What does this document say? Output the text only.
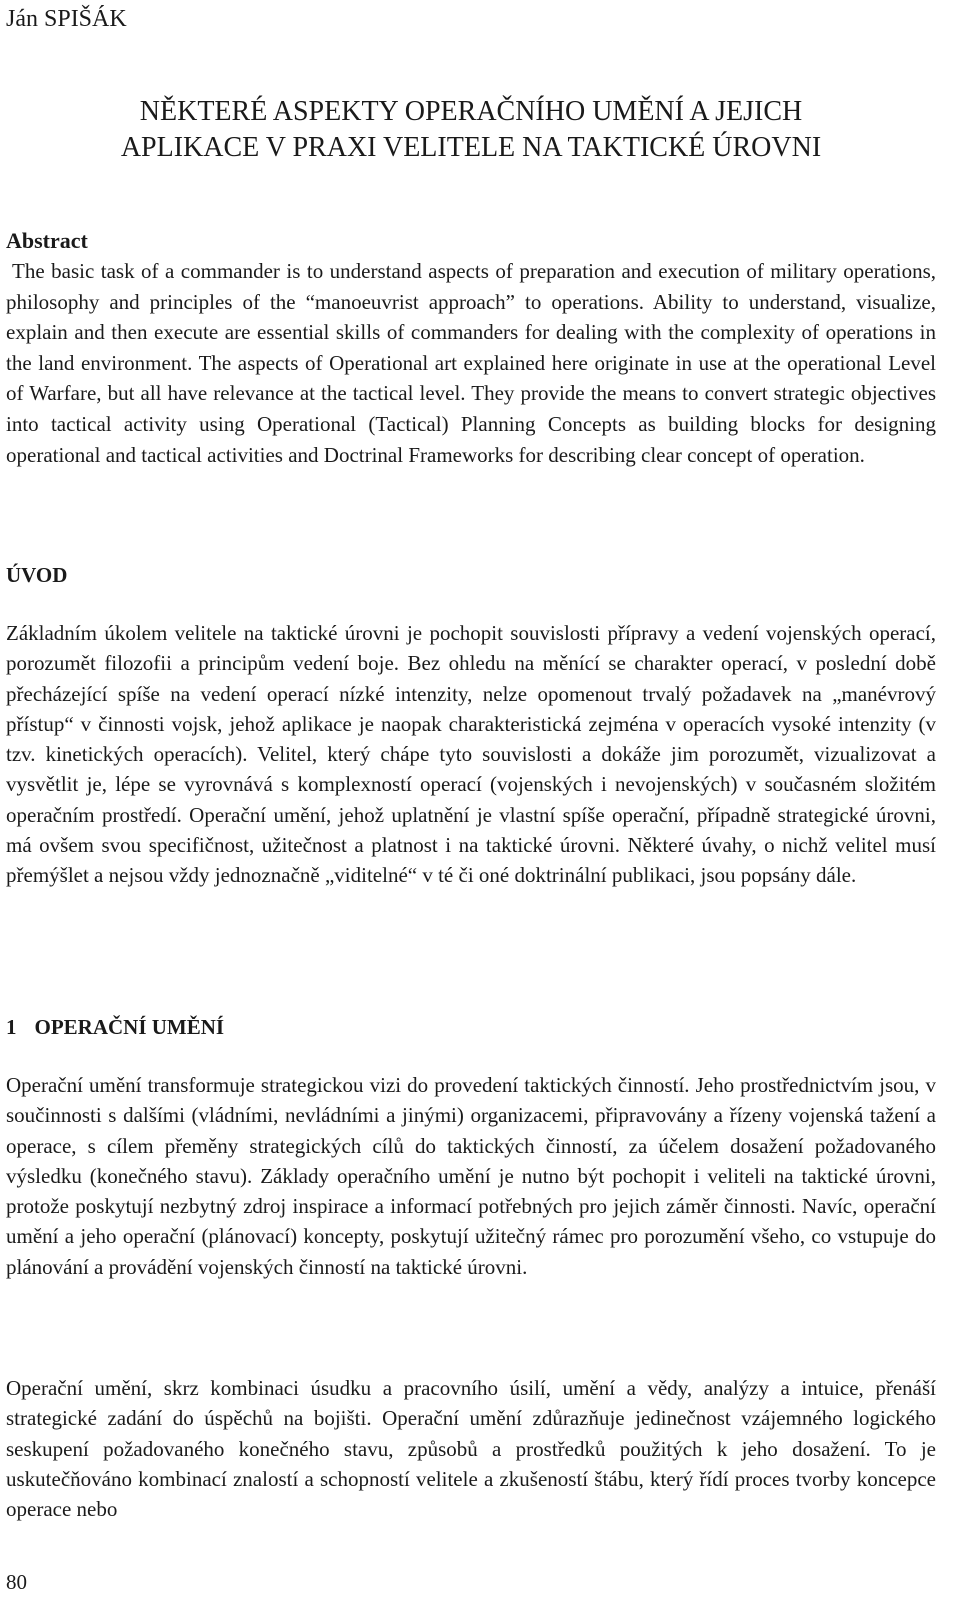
Ján SPIŠÁK
NĚKTERÉ ASPEKTY OPERAČNÍHO UMĚNÍ A JEJICH
APLIKACE V PRAXI VELITELE NA TAKTICKÉ ÚROVNI
Abstract

The basic task of a commander is to understand aspects of preparation and execution of military operations, philosophy and principles of the “manoeuvrist approach” to operations. Ability to understand, visualize, explain and then execute are essential skills of commanders for dealing with the complexity of operations in the land environment. The aspects of Operational art explained here originate in use at the operational Level of Warfare, but all have relevance at the tactical level. They provide the means to convert strategic objectives into tactical activity using Operational (Tactical) Planning Concepts as building blocks for designing operational and tactical activities and Doctrinal Frameworks for describing clear concept of operation.

ÚVOD

Základním úkolem velitele na taktické úrovni je pochopit souvislosti přípravy a vedení vojenských operací, porozumět filozofii a principům vedení boje. Bez ohledu na měnící se charakter operací, v poslední době přecházející spíše na vedení operací nízké intenzity, nelze opomenout trvalý požadavek na „manévrový přístup“ v činnosti vojsk, jehož aplikace je naopak charakteristická zejména v operacích vysoké intenzity (v tzv. kinetických operacích). Velitel, který chápe tyto souvislosti a dokáže jim porozumět, vizualizovat a vysvětlit je, lépe se vyrovnává s komplexností operací (vojenských i nevojenských) v současném složitém operačním prostředí. Operační umění, jehož uplatnění je vlastní spíše operační, případně strategické úrovni, má ovšem svou specifičnost, užitečnost a platnost i na taktické úrovni. Některé úvahy, o nichž velitel musí přemýšlet a nejsou vždy jednoznačně „viditelné“ v té či oné doktrinální publikaci, jsou popsány dále.

1 OPERAČNÍ UMĚNÍ

Operační umění transformuje strategickou vizi do provedení taktických činností. Jeho prostřednictvím jsou, v součinnosti s dalšími (vládními, nevládními a jinými) organizacemi, připravovány a řízeny vojenská tažení a operace, s cílem přeměny strategických cílů do taktických činností, za účelem dosažení požadovaného výsledku (konečného stavu). Základy operačního umění je nutno být pochopit i veliteli na taktické úrovni, protože poskytují nezbytný zdroj inspirace a informací potřebných pro jejich záměr činnosti. Navíc, operační umění a jeho operační (plánovací) koncepty, poskytují užitečný rámec pro porozumění všeho, co vstupuje do plánování a provádění vojenských činností na taktické úrovni.

Operační umění, skrz kombinaci úsudku a pracovního úsilí, umění a vědy, analýzy a intuice, přenáší strategické zadání do úspěchů na bojišti. Operační umění zdůrazňuje jedinečnost vzájemného logického seskupení požadovaného konečného stavu, způsobů a prostředků použitých k jeho dosažení. To je uskutečňováno kombinací znalostí a schopností velitele a zkušeností štábu, který řídí proces tvorby koncepce operace nebo

80
